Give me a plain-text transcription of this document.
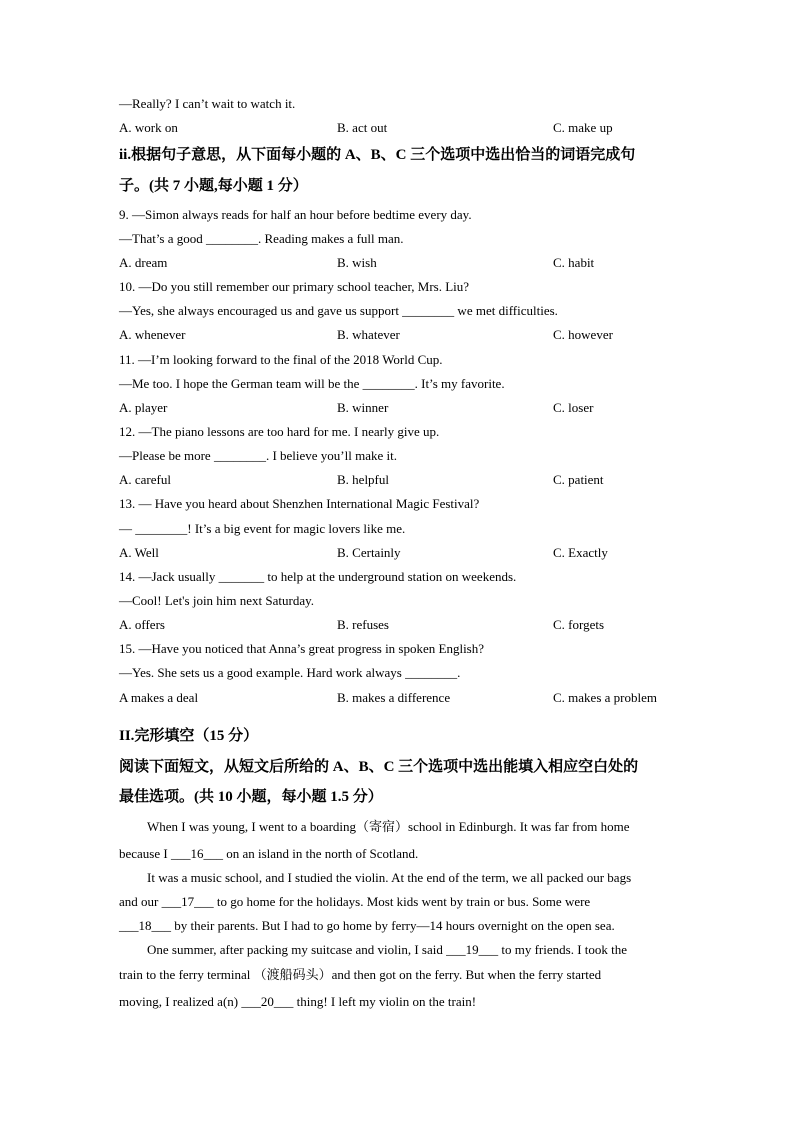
—Really? I can’t wait to watch it.
A. work on	B. act out	C. make up
ii.根据句子意思，从下面每小题的 A、B、C 三个选项中选出恰当的词语完成句
子。(共 7 小题,每小题 1 分）
9. —Simon always reads for half an hour before bedtime every day.
—That’s a good ________. Reading makes a full man.
A. dream	B. wish	C. habit
10. —Do you still remember our primary school teacher, Mrs. Liu?
—Yes, she always encouraged us and gave us support ________ we met difficulties.
A. whenever	B. whatever	C. however
11. —I’m looking forward to the final of the 2018 World Cup.
—Me too. I hope the German team will be the ________. It’s my favorite.
A. player	B. winner	C. loser
12. —The piano lessons are too hard for me. I nearly give up.
—Please be more ________. I believe you’ll make it.
A. careful	B. helpful	C. patient
13. — Have you heard about Shenzhen International Magic Festival?
— ________! It’s a big event for magic lovers like me.
A. Well	B. Certainly	C. Exactly
14. —Jack usually _______ to help at the underground station on weekends.
—Cool! Let's join him next Saturday.
A. offers	B. refuses	C. forgets
15. —Have you noticed that Anna’s great progress in spoken English?
—Yes. She sets us a good example. Hard work always ________.
A makes a deal	B. makes a difference	C. makes a problem
II.完形填空（15 分）
阅读下面短文，从短文后所给的 A、B、C 三个选项中选出能填入相应空白处的
最佳选项。(共 10 小题，每小题 1.5 分）
When I was young, I went to a boarding（寄宿）school in Edinburgh. It was far from home
because I ___16___ on an island in the north of Scotland.
It was a music school, and I studied the violin. At the end of the term, we all packed our bags
and our ___17___ to go home for the holidays. Most kids went by train or bus. Some were
___18___ by their parents. But I had to go home by ferry—14 hours overnight on the open sea.
One summer, after packing my suitcase and violin, I said ___19___ to my friends. I took the
train to the ferry terminal （渡船码头）and then got on the ferry. But when the ferry started
moving, I realized a(n) ___20___ thing! I left my violin on the train!
